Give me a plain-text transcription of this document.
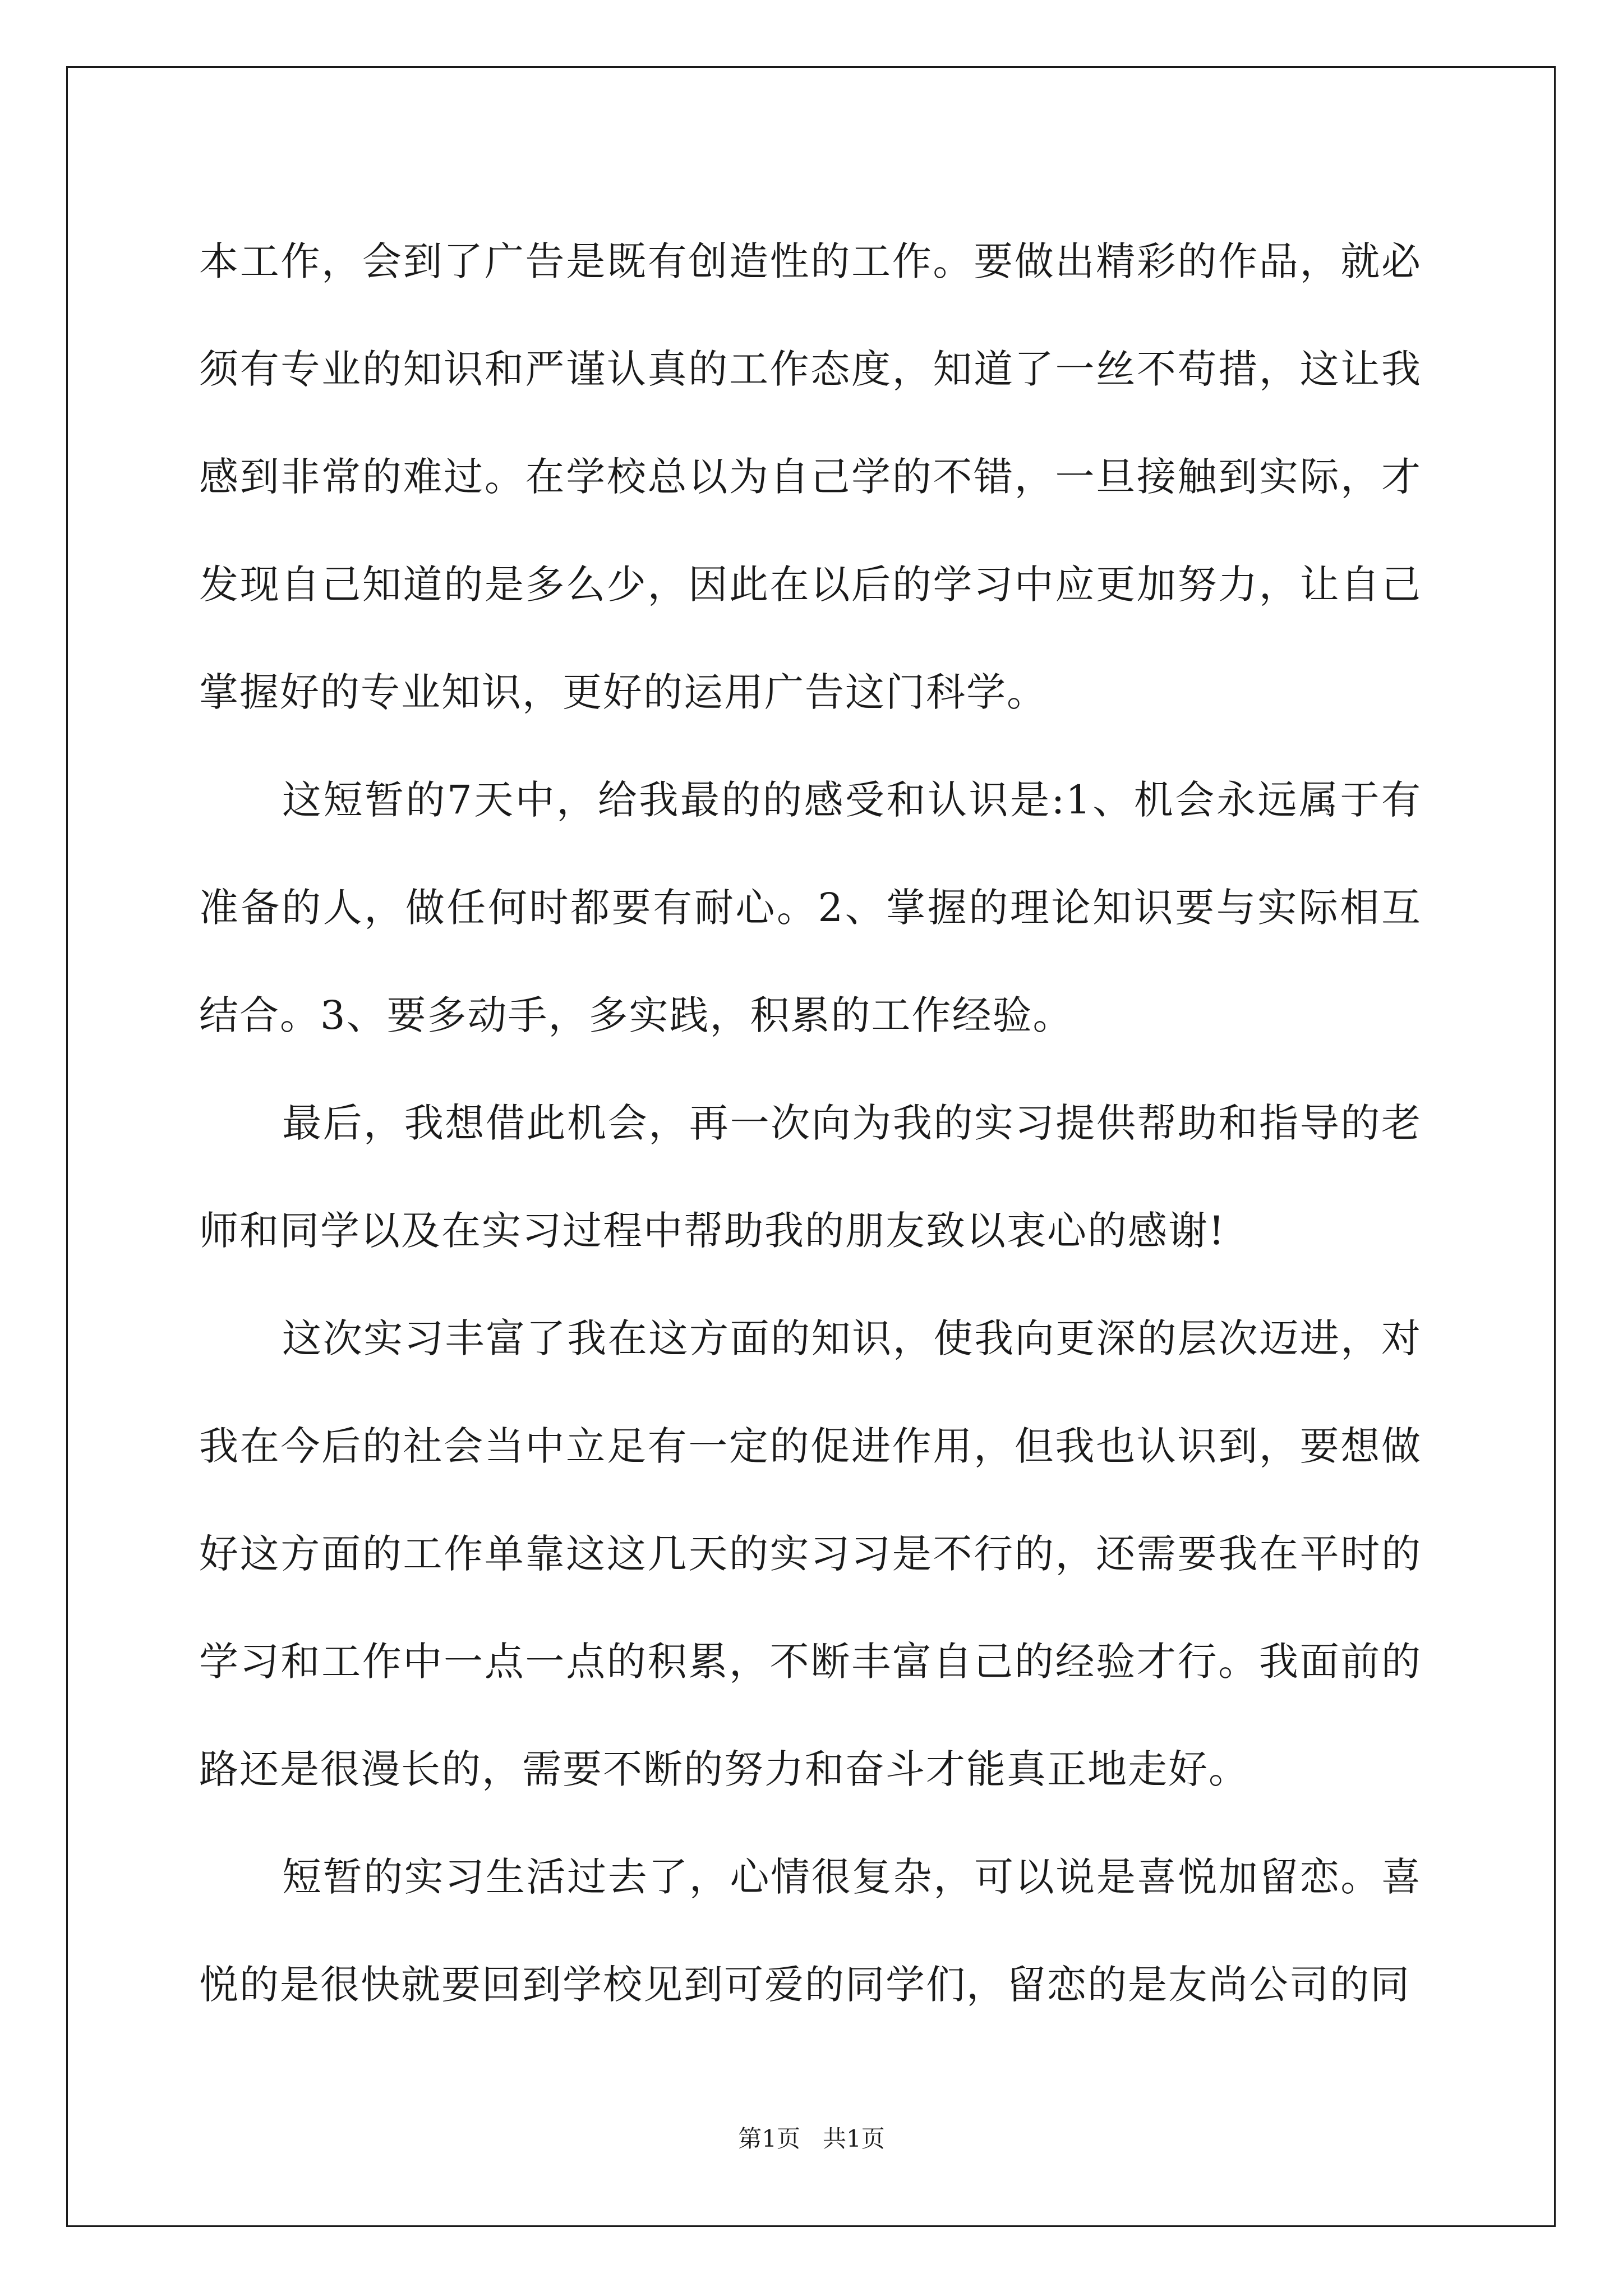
本工作，会到了广告是既有创造性的工作。要做出精彩的作品，就必须有专业的知识和严谨认真的工作态度，知道了一丝不苟措，这让我感到非常的难过。在学校总以为自己学的不错，一旦接触到实际，才发现自己知道的是多么少，因此在以后的学习中应更加努力，让自己掌握好的专业知识，更好的运用广告这门科学。

这短暂的7天中，给我最的的感受和认识是:1、机会永远属于有准备的人，做任何时都要有耐心。2、掌握的理论知识要与实际相互结合。3、要多动手，多实践，积累的工作经验。

最后，我想借此机会，再一次向为我的实习提供帮助和指导的老师和同学以及在实习过程中帮助我的朋友致以衷心的感谢!

这次实习丰富了我在这方面的知识，使我向更深的层次迈进，对我在今后的社会当中立足有一定的促进作用，但我也认识到，要想做好这方面的工作单靠这这几天的实习习是不行的，还需要我在平时的学习和工作中一点一点的积累，不断丰富自己的经验才行。我面前的路还是很漫长的，需要不断的努力和奋斗才能真正地走好。

短暂的实习生活过去了，心情很复杂，可以说是喜悦加留恋。喜悦的是很快就要回到学校见到可爱的同学们，留恋的是友尚公司的同

第1页   共1页
